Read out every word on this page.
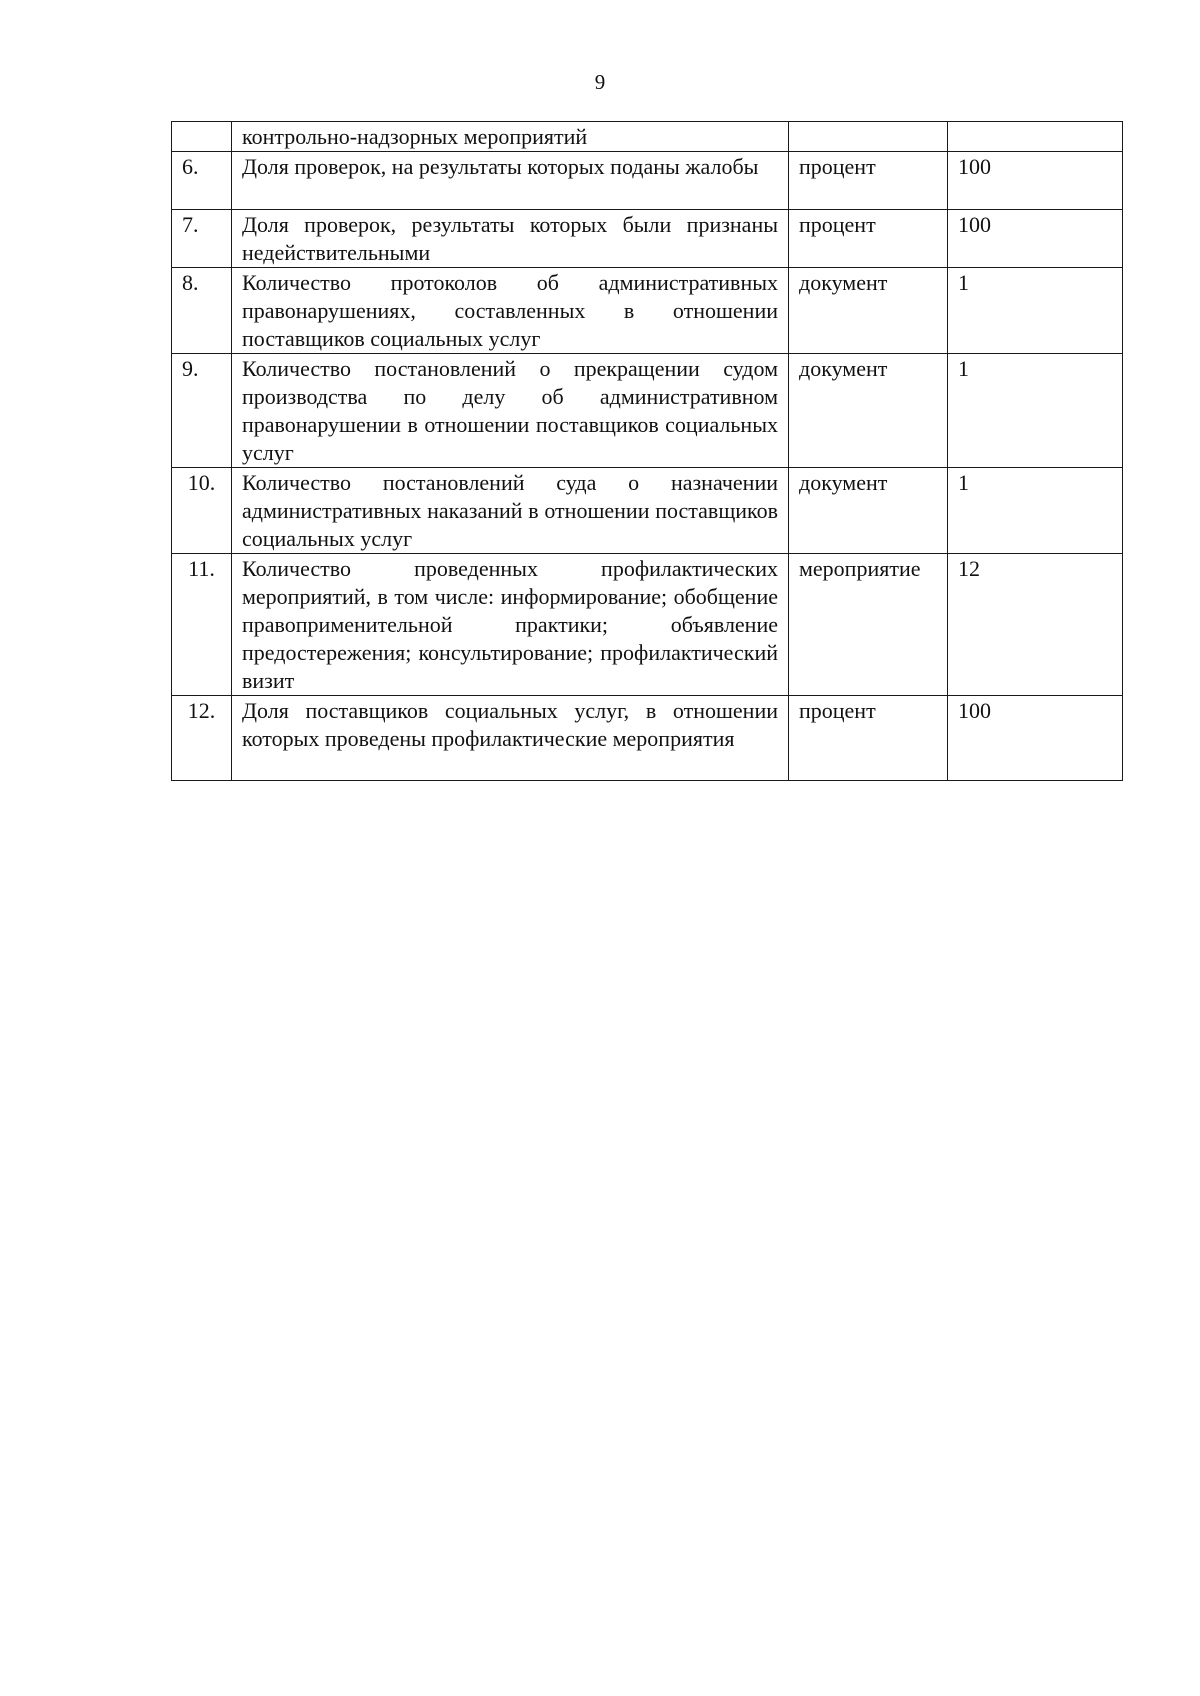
9
	контрольно-надзорных мероприятий		
6.	Доля проверок, на результаты которых поданы жалобы	процент	100
7.	Доля проверок, результаты которых были признаны недействительными	процент	100
8.	Количество протоколов об административных правонарушениях, составленных в отношении поставщиков социальных услуг	документ	1
9.	Количество постановлений о прекращении судом производства по делу об административном правонарушении в отношении поставщиков социальных услуг	документ	1
10.	Количество постановлений суда о назначении административных наказаний в отношении поставщиков социальных услуг	документ	1
11.	Количество проведенных профилактических мероприятий, в том числе: информирование; обобщение правоприменительной практики; объявление предостережения; консультирование; профилактический визит	мероприятие	12
12.	Доля поставщиков социальных услуг, в отношении которых проведены профилактические мероприятия	процент	100
